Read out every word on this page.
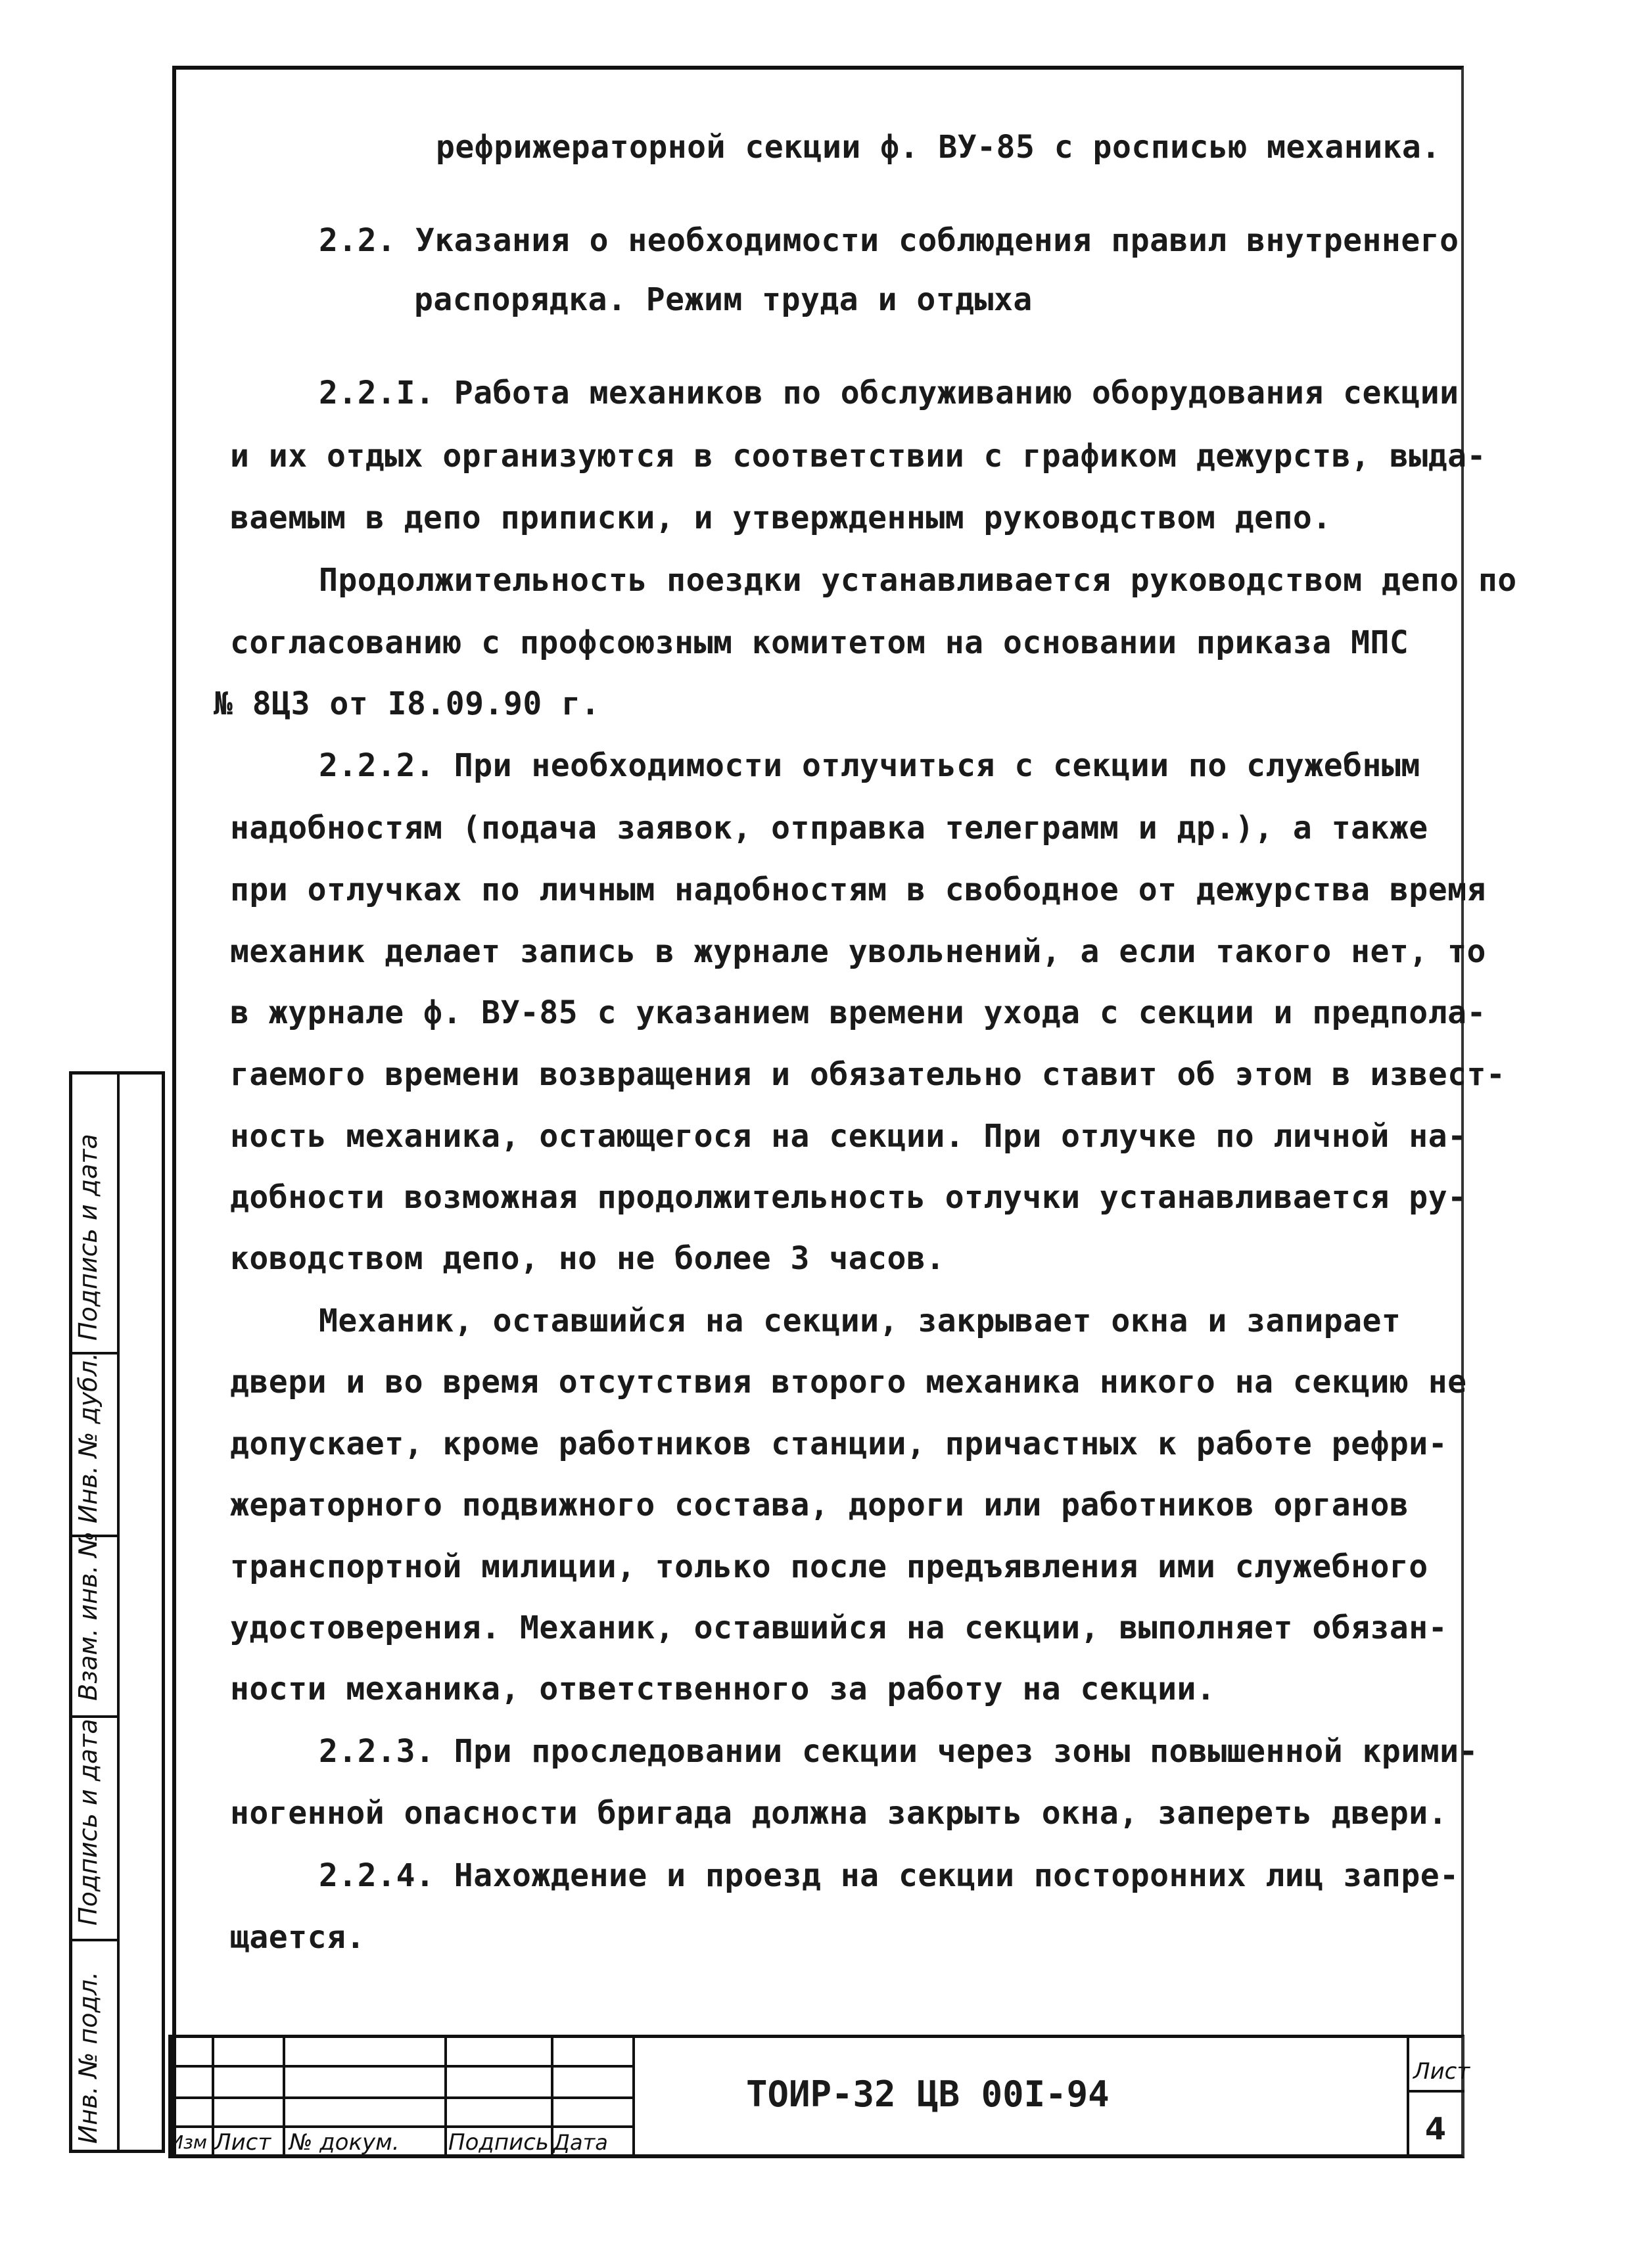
рефрижераторной секции ф. ВУ-85 с росписью механика.
2.2. Указания о необходимости соблюдения правил внутреннего
распорядка. Режим труда и отдыха
2.2.I. Работа механиков по обслуживанию оборудования секции
и их отдых организуются в соответствии с графиком дежурств, выда-
ваемым в депо приписки, и утвержденным руководством депо.
Продолжительность поездки устанавливается руководством депо по
согласованию с профсоюзным комитетом на основании приказа МПС
№ 8ЦЗ от I8.09.90 г.
2.2.2. При необходимости отлучиться с секции по служебным
надобностям (подача заявок, отправка телеграмм и др.), а также
при отлучках по личным надобностям в свободное от дежурства время
механик делает запись в журнале увольнений, а если такого нет, то
в журнале ф. ВУ-85 с указанием времени ухода с секции и предпола-
гаемого времени возвращения и обязательно ставит об этом в извест-
ность механика, остающегося на секции. При отлучке по личной на-
добности возможная продолжительность отлучки устанавливается ру-
ководством депо, но не более 3 часов.
Механик, оставшийся на секции, закрывает окна и запирает
двери и во время отсутствия второго механика никого на секцию не
допускает, кроме работников станции, причастных к работе рефри-
жераторного подвижного состава, дороги или работников органов
транспортной милиции, только после предъявления ими служебного
удостоверения. Механик, оставшийся на секции, выполняет обязан-
ности механика, ответственного за работу на секции.
2.2.3. При проследовании секции через зоны повышенной крими-
ногенной опасности бригада должна закрыть окна, запереть двери.
2.2.4. Нахождение и проезд на секции посторонних лиц запре-
щается.
Изм Лист № докум. Подпись Дата
ТОИР-32 ЦВ 00I-94
Лист
4
Подпись и дата
Инв. № дубл.
Взам. инв. №
Подпись и дата
Инв. № подл.
